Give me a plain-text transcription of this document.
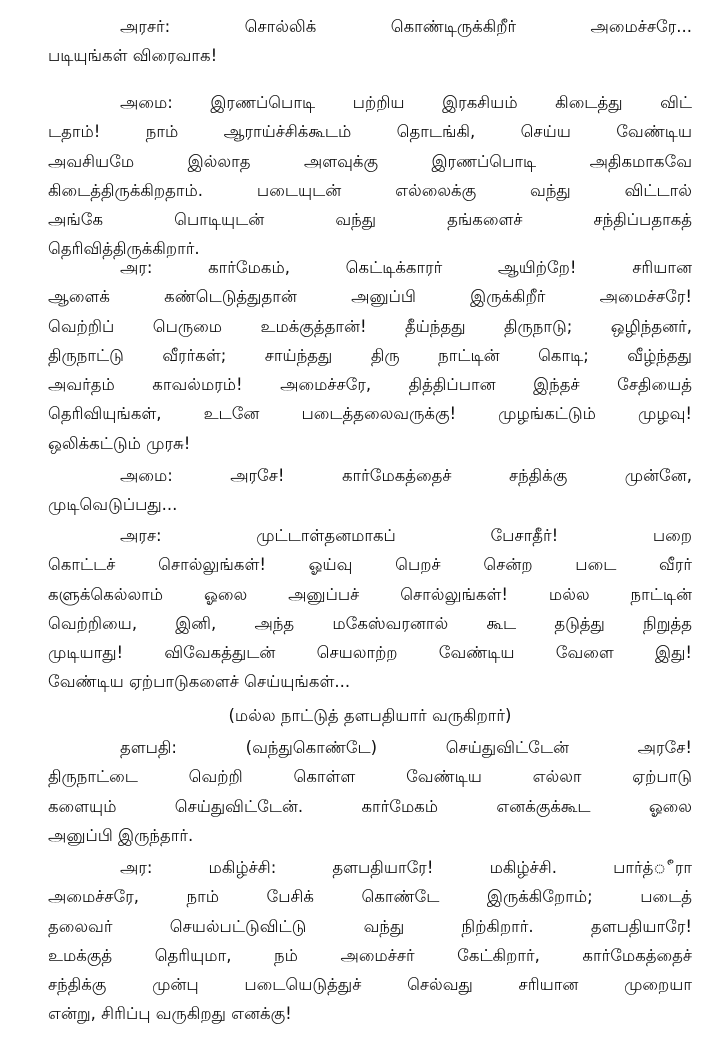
அரசர்: சொல்லிக் கொண்டிருக்கிறீர் அமைச்சரே...
படியுங்கள் விரைவாக!
அமை: இரணப்பொடி பற்றிய இரகசியம் கிடைத்து விட்
டதாம்! நாம் ஆராய்ச்சிக்கூடம் தொடங்கி, செய்ய வேண்டிய
அவசியமே இல்லாத அளவுக்கு இரணப்பொடி அதிகமாகவே
கிடைத்திருக்கிறதாம். படையுடன் எல்லைக்கு வந்து விட்டால்
அங்கே பொடியுடன் வந்து தங்களைச் சந்திப்பதாகத்
தெரிவித்திருக்கிறார்.
அர: கார்மேகம், கெட்டிக்காரர் ஆயிற்றே! சரியான
ஆளைக் கண்டெடுத்துதான் அனுப்பி இருக்கிறீர் அமைச்சரே!
வெற்றிப் பெருமை உமக்குத்தான்! தீய்ந்தது திருநாடு; ஒழிந்தனர்,
திருநாட்டு வீரர்கள்; சாய்ந்தது திரு நாட்டின் கொடி; வீழ்ந்தது
அவர்தம் காவல்மரம்! அமைச்சரே, தித்திப்பான இந்தச் சேதியைத்
தெரிவியுங்கள், உடனே படைத்தலைவருக்கு! முழங்கட்டும் முழவு!
ஒலிக்கட்டும் முரசு!
அமை: அரசே! கார்மேகத்தைச் சந்திக்கு முன்னே,
முடிவெடுப்பது...
அரச: முட்டாள்தனமாகப் பேசாதீர்! பறை
கொட்டச் சொல்லுங்கள்! ஓய்வு பெறச் சென்ற படை வீரர்
களுக்கெல்லாம் ஓலை அனுப்பச் சொல்லுங்கள்! மல்ல நாட்டின்
வெற்றியை, இனி, அந்த மகேஸ்வரனால் கூட தடுத்து நிறுத்த
முடியாது! விவேகத்துடன் செயலாற்ற வேண்டிய வேளை இது!
வேண்டிய ஏற்பாடுகளைச் செய்யுங்கள்...
(மல்ல நாட்டுத் தளபதியார் வருகிறார்)
தளபதி: (வந்துகொண்டே) செய்துவிட்டேன் அரசே!
திருநாட்டை வெற்றி கொள்ள வேண்டிய எல்லா ஏற்பாடு
களையும் செய்துவிட்டேன். கார்மேகம் எனக்குக்கூட ஓலை
அனுப்பி இருந்தார்.
அர: மகிழ்ச்சி: தளபதியாரே! மகிழ்ச்சி. பார்த்ீரா
அமைச்சரே, நாம் பேசிக் கொண்டே இருக்கிறோம்; படைத்
தலைவர் செயல்பட்டுவிட்டு வந்து நிற்கிறார். தளபதியாரே!
உமக்குத் தெரியுமா, நம் அமைச்சர் கேட்கிறார், கார்மேகத்தைச்
சந்திக்கு முன்பு படையெடுத்துச் செல்வது சரியான முறையா
என்று, சிரிப்பு வருகிறது எனக்கு!
